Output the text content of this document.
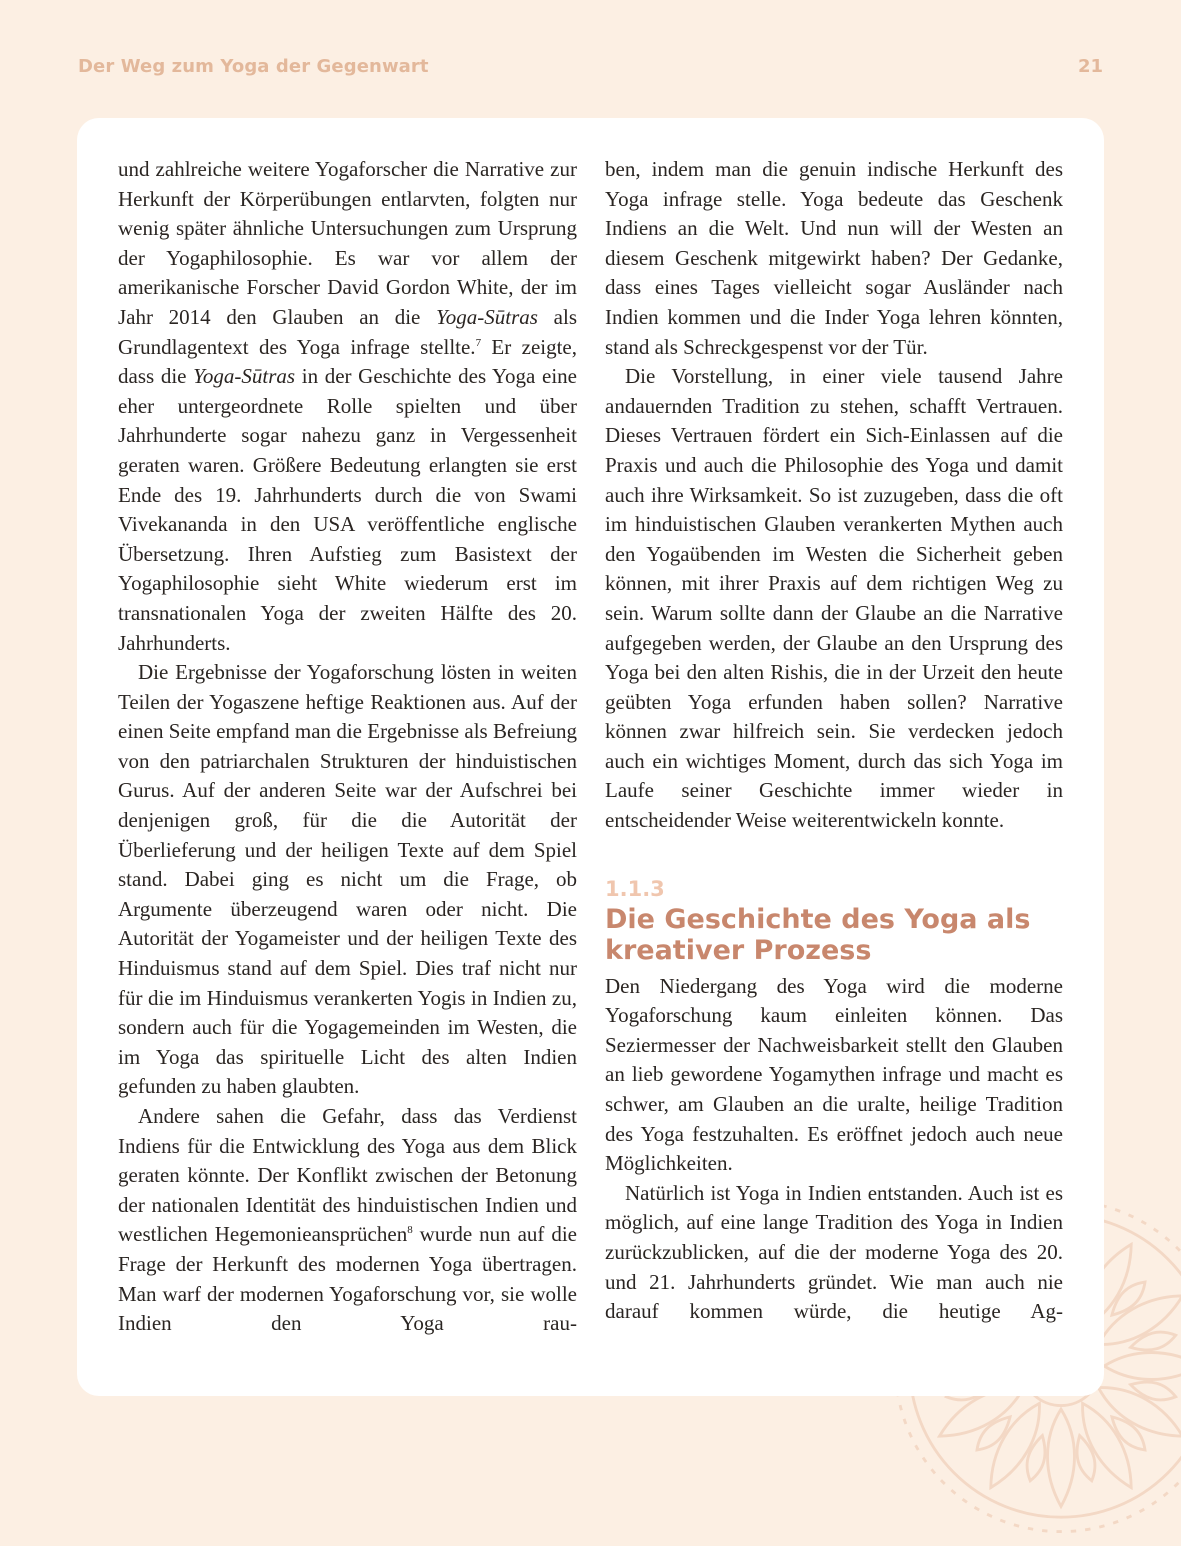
Der Weg zum Yoga der Gegenwart	21

und zahlreiche weitere Yogaforscher die Narrative zur Herkunft der Körperübungen entlarvten, folgten nur wenig später ähnliche Untersuchungen zum Ursprung der Yogaphilosophie. Es war vor allem der amerikanische Forscher David Gordon White, der im Jahr 2014 den Glauben an die Yoga-Sūtras als Grundlagentext des Yoga infrage stellte.$^7$ Er zeigte, dass die Yoga-Sūtras in der Geschichte des Yoga eine eher untergeordnete Rolle spielten und über Jahrhunderte sogar nahezu ganz in Vergessenheit geraten waren. Größere Bedeutung erlangten sie erst Ende des 19. Jahrhunderts durch die von Swami Vivekananda in den USA veröffentliche englische Übersetzung. Ihren Aufstieg zum Basistext der Yogaphilosophie sieht White wiederum erst im transnationalen Yoga der zweiten Hälfte des 20. Jahrhunderts.

Die Ergebnisse der Yogaforschung lösten in weiten Teilen der Yogaszene heftige Reaktionen aus. Auf der einen Seite empfand man die Ergebnisse als Befreiung von den patriarchalen Strukturen der hinduistischen Gurus. Auf der anderen Seite war der Aufschrei bei denjenigen groß, für die die Autorität der Überlieferung und der heiligen Texte auf dem Spiel stand. Dabei ging es nicht um die Frage, ob Argumente überzeugend waren oder nicht. Die Autorität der Yogameister und der heiligen Texte des Hinduismus stand auf dem Spiel. Dies traf nicht nur für die im Hinduismus verankerten Yogis in Indien zu, sondern auch für die Yogagemeinden im Westen, die im Yoga das spirituelle Licht des alten Indien gefunden zu haben glaubten.

Andere sahen die Gefahr, dass das Verdienst Indiens für die Entwicklung des Yoga aus dem Blick geraten könnte. Der Konflikt zwischen der Betonung der nationalen Identität des hinduistischen Indien und westlichen Hegemonieansprüchen$^8$ wurde nun auf die Frage der Herkunft des modernen Yoga übertragen. Man warf der modernen Yogaforschung vor, sie wolle Indien den Yoga rau-

ben, indem man die genuin indische Herkunft des Yoga infrage stelle. Yoga bedeute das Geschenk Indiens an die Welt. Und nun will der Westen an diesem Geschenk mitgewirkt haben? Der Gedanke, dass eines Tages vielleicht sogar Ausländer nach Indien kommen und die Inder Yoga lehren könnten, stand als Schreckgespenst vor der Tür.

Die Vorstellung, in einer viele tausend Jahre andauernden Tradition zu stehen, schafft Vertrauen. Dieses Vertrauen fördert ein Sich-Einlassen auf die Praxis und auch die Philosophie des Yoga und damit auch ihre Wirksamkeit. So ist zuzugeben, dass die oft im hinduistischen Glauben verankerten Mythen auch den Yogaübenden im Westen die Sicherheit geben können, mit ihrer Praxis auf dem richtigen Weg zu sein. Warum sollte dann der Glaube an die Narrative aufgegeben werden, der Glaube an den Ursprung des Yoga bei den alten Rishis, die in der Urzeit den heute geübten Yoga erfunden haben sollen? Narrative können zwar hilfreich sein. Sie verdecken jedoch auch ein wichtiges Moment, durch das sich Yoga im Laufe seiner Geschichte immer wieder in entscheidender Weise weiterentwickeln konnte.

1.1.3
Die Geschichte des Yoga als kreativer Prozess

Den Niedergang des Yoga wird die moderne Yogaforschung kaum einleiten können. Das Seziermesser der Nachweisbarkeit stellt den Glauben an lieb gewordene Yogamythen infrage und macht es schwer, am Glauben an die uralte, heilige Tradition des Yoga festzuhalten. Es eröffnet jedoch auch neue Möglichkeiten.

Natürlich ist Yoga in Indien entstanden. Auch ist es möglich, auf eine lange Tradition des Yoga in Indien zurückzublicken, auf die der moderne Yoga des 20. und 21. Jahrhunderts gründet. Wie man auch nie darauf kommen würde, die heutige Ag-
